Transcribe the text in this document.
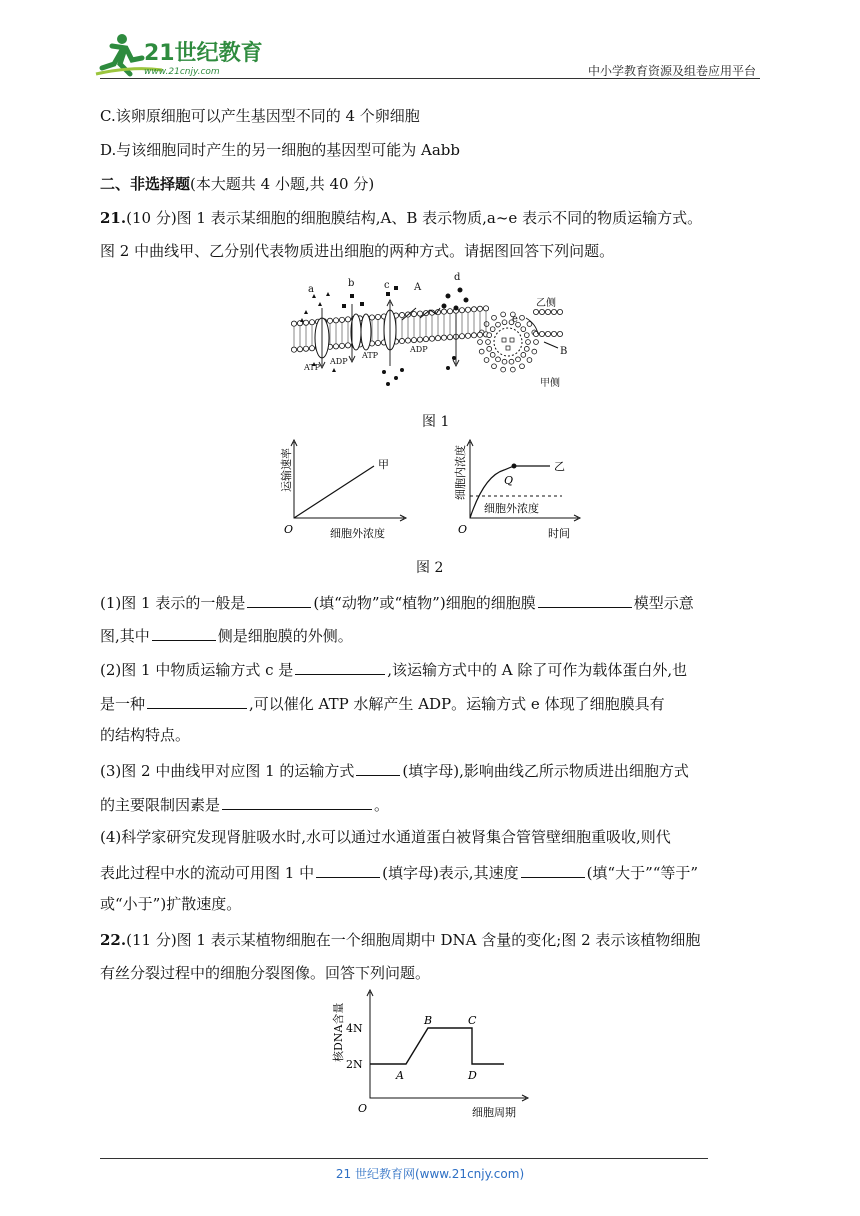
21世纪教育
www.21cnjy.com	中小学教育资源及组卷应用平台
C.该卵原细胞可以产生基因型不同的 4 个卵细胞
D.与该细胞同时产生的另一细胞的基因型可能为 Aabb
二、非选择题(本大题共 4 小题,共 40 分)
21.(10 分)图 1 表示某细胞的细胞膜结构,A、B 表示物质,a~e 表示不同的物质运输方式。
图 2 中曲线甲、乙分别代表物质进出细胞的两种方式。请据图回答下列问题。
a
b	c
d
e
A
B
乙侧
甲侧
ATP
ADP
ATP
ADP
图 1
甲
O	细胞外浓度
运输速率	乙
Q
细胞外浓度
O	时间
细胞内浓度
图 2
(1)图 1 表示的一般是	(填“动物”或“植物”)细胞的细胞膜	模型示意
图,其中	侧是细胞膜的外侧。
(2)图 1 中物质运输方式 c 是	,该运输方式中的 A 除了可作为载体蛋白外,也
是一种	,可以催化 ATP 水解产生 ADP。运输方式 e 体现了细胞膜具有
的结构特点。
(3)图 2 中曲线甲对应图 1 的运输方式	(填字母),影响曲线乙所示物质进出细胞方式
的主要限制因素是	。
(4)科学家研究发现肾脏吸水时,水可以通过水通道蛋白被肾集合管管壁细胞重吸收,则代
表此过程中水的流动可用图 1 中	(填字母)表示,其速度	(填“大于”“等于”
或“小于”)扩散速度。
22.(11 分)图 1 表示某植物细胞在一个细胞周期中 DNA 含量的变化;图 2 表示该植物细胞
有丝分裂过程中的细胞分裂图像。回答下列问题。
A
B	C
D
O
4N
2N
细胞周期
核DNA含量
21 世纪教育网(www.21cnjy.com)
